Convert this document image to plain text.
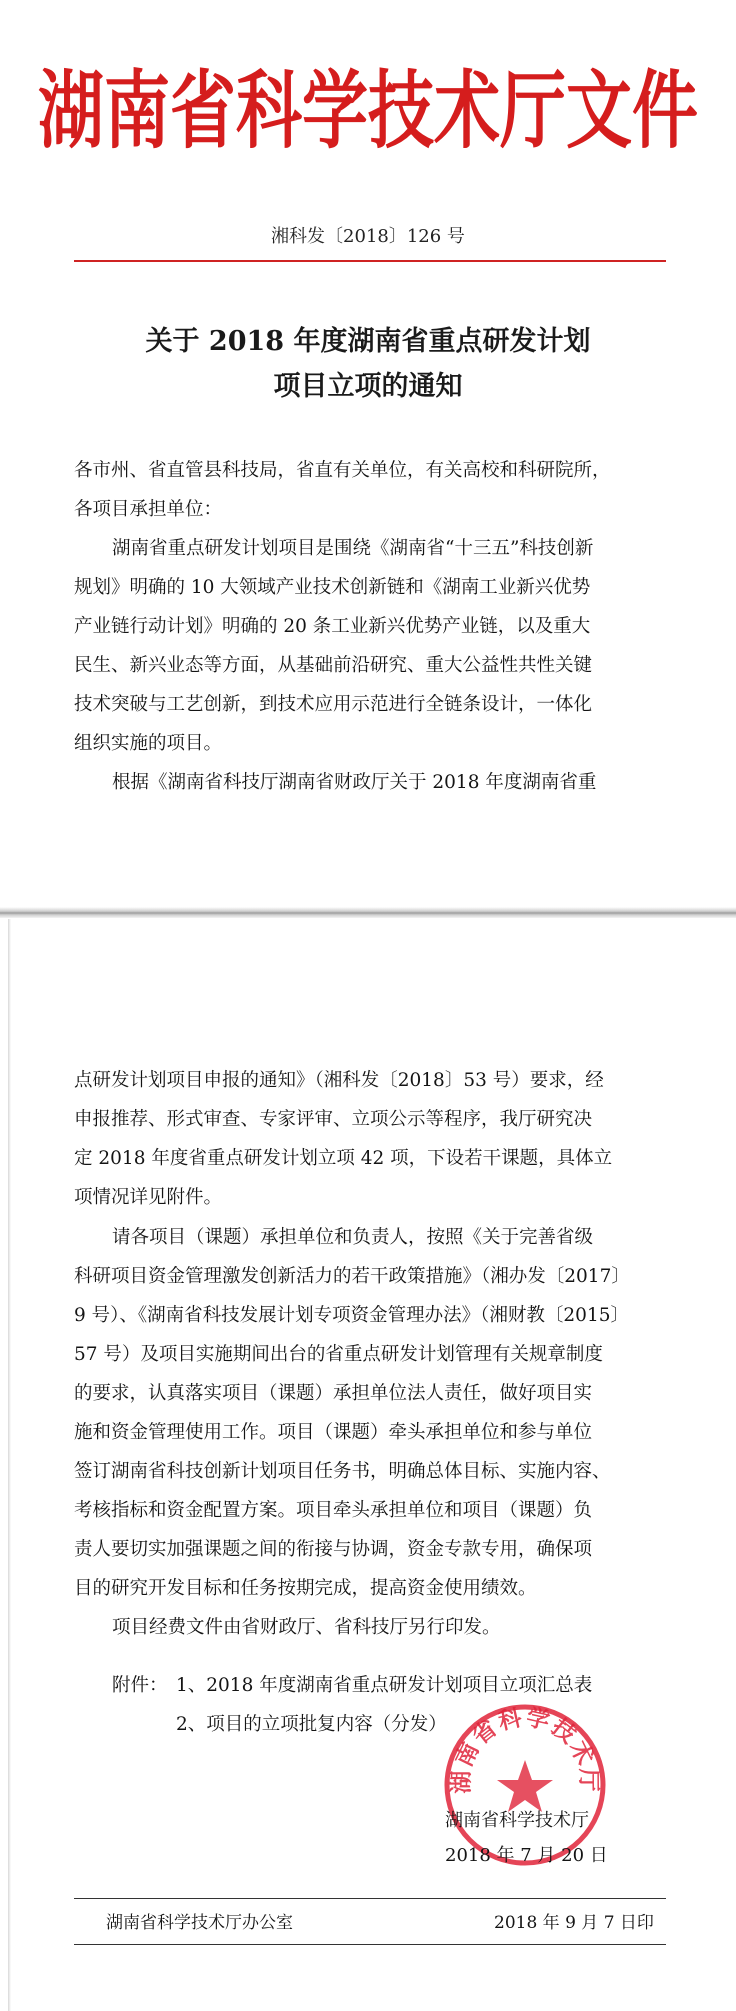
湖南省科学技术厅文件
湘科发〔2018〕126 号
关于 2018 年度湖南省重点研发计划
项目立项的通知
各市州、省直管县科技局，省直有关单位，有关高校和科研院所，
各项目承担单位：
湖南省重点研发计划项目是围绕《湖南省“十三五”科技创新
规划》明确的 10 大领域产业技术创新链和《湖南工业新兴优势
产业链行动计划》明确的 20 条工业新兴优势产业链，以及重大
民生、新兴业态等方面，从基础前沿研究、重大公益性共性关键
技术突破与工艺创新，到技术应用示范进行全链条设计，一体化
组织实施的项目。
根据《湖南省科技厅湖南省财政厅关于 2018 年度湖南省重
点研发计划项目申报的通知》（湘科发〔2018〕53 号）要求，经
申报推荐、形式审查、专家评审、立项公示等程序，我厅研究决
定 2018 年度省重点研发计划立项 42 项，下设若干课题，具体立
项情况详见附件。
请各项目（课题）承担单位和负责人，按照《关于完善省级
科研项目资金管理激发创新活力的若干政策措施》（湘办发〔2017〕
9 号）、《湖南省科技发展计划专项资金管理办法》（湘财教〔2015〕
57 号）及项目实施期间出台的省重点研发计划管理有关规章制度
的要求，认真落实项目（课题）承担单位法人责任，做好项目实
施和资金管理使用工作。项目（课题）牵头承担单位和参与单位
签订湖南省科技创新计划项目任务书，明确总体目标、实施内容、
考核指标和资金配置方案。项目牵头承担单位和项目（课题）负
责人要切实加强课题之间的衔接与协调，资金专款专用，确保项
目的研究开发目标和任务按期完成，提高资金使用绩效。
项目经费文件由省财政厅、省科技厅另行印发。
附件： 1、2018 年度湖南省重点研发计划项目立项汇总表
2、项目的立项批复内容（分发）
湖南省科学技术厅
湖南省科学技术厅
2018 年 7 月 20 日
湖南省科学技术厅办公室	2018 年 9 月 7 日印
